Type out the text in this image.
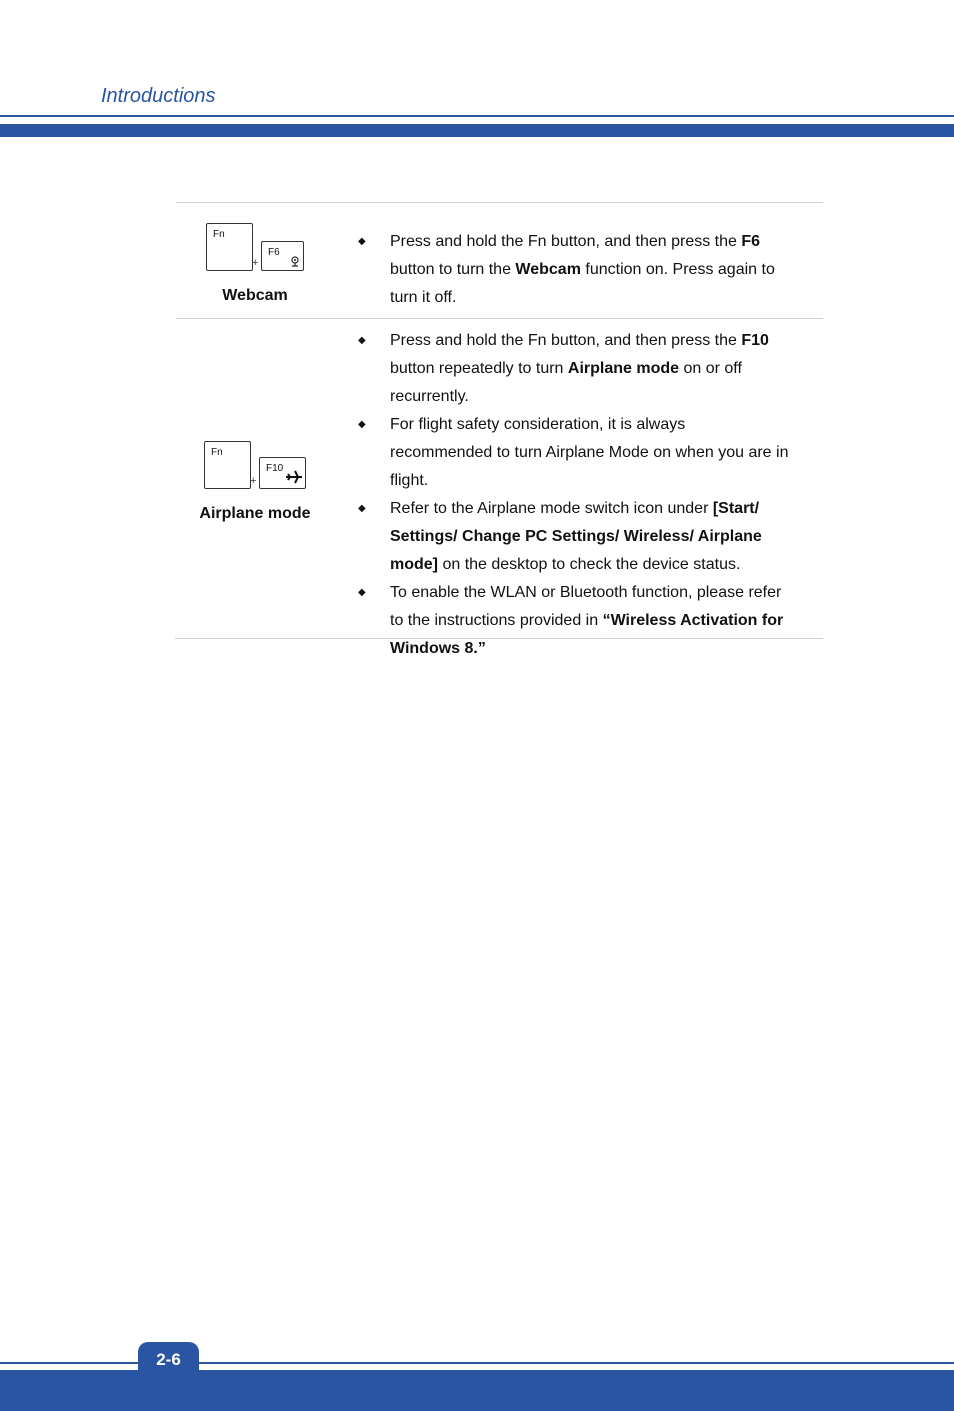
Introductions
Fn
+
F6
Webcam
◆ Press and hold the Fn button, and then press the F6 button to turn the Webcam function on. Press again to turn it off.
Fn
+
F10
Airplane mode
◆ Press and hold the Fn button, and then press the F10 button repeatedly to turn Airplane mode on or off recurrently.
◆ For flight safety consideration, it is always recommended to turn Airplane Mode on when you are in flight.
◆ Refer to the Airplane mode switch icon under [Start/ Settings/ Change PC Settings/ Wireless/ Airplane mode] on the desktop to check the device status.
◆ To enable the WLAN or Bluetooth function, please refer to the instructions provided in “Wireless Activation for Windows 8.”
2-6
